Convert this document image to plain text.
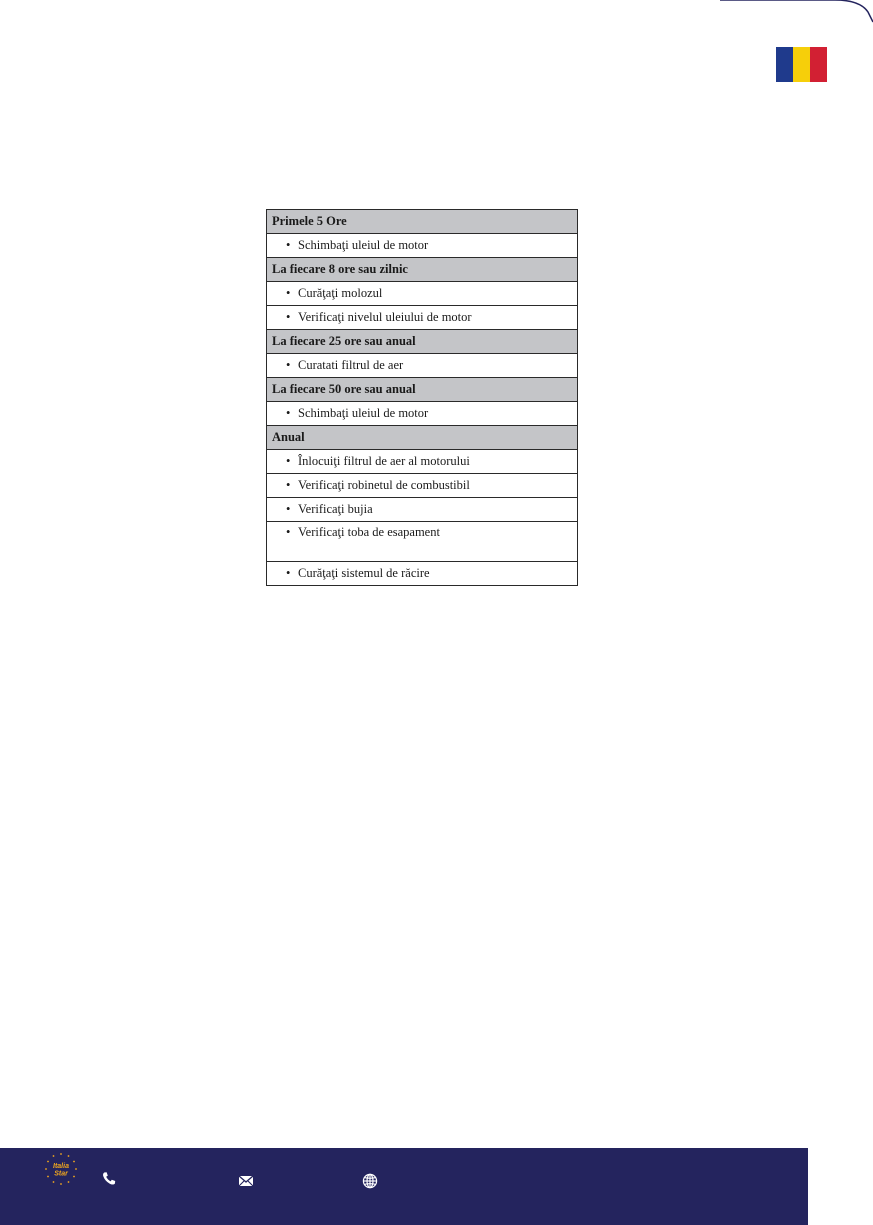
Primele 5 Ore
• Schimbaţi uleiul de motor
La fiecare 8 ore sau zilnic
• Curăţaţi molozul
• Verificaţi nivelul uleiului de motor
La fiecare 25 ore sau anual
• Curatati filtrul de aer
La fiecare 50 ore sau anual
• Schimbaţi uleiul de motor
Anual
• Înlocuiţi filtrul de aer al motorului
• Verificaţi robinetul de combustibil
• Verificaţi bujia
• Verificaţi toba de esapament
• Curăţaţi sistemul de răcire
Italia
Star
